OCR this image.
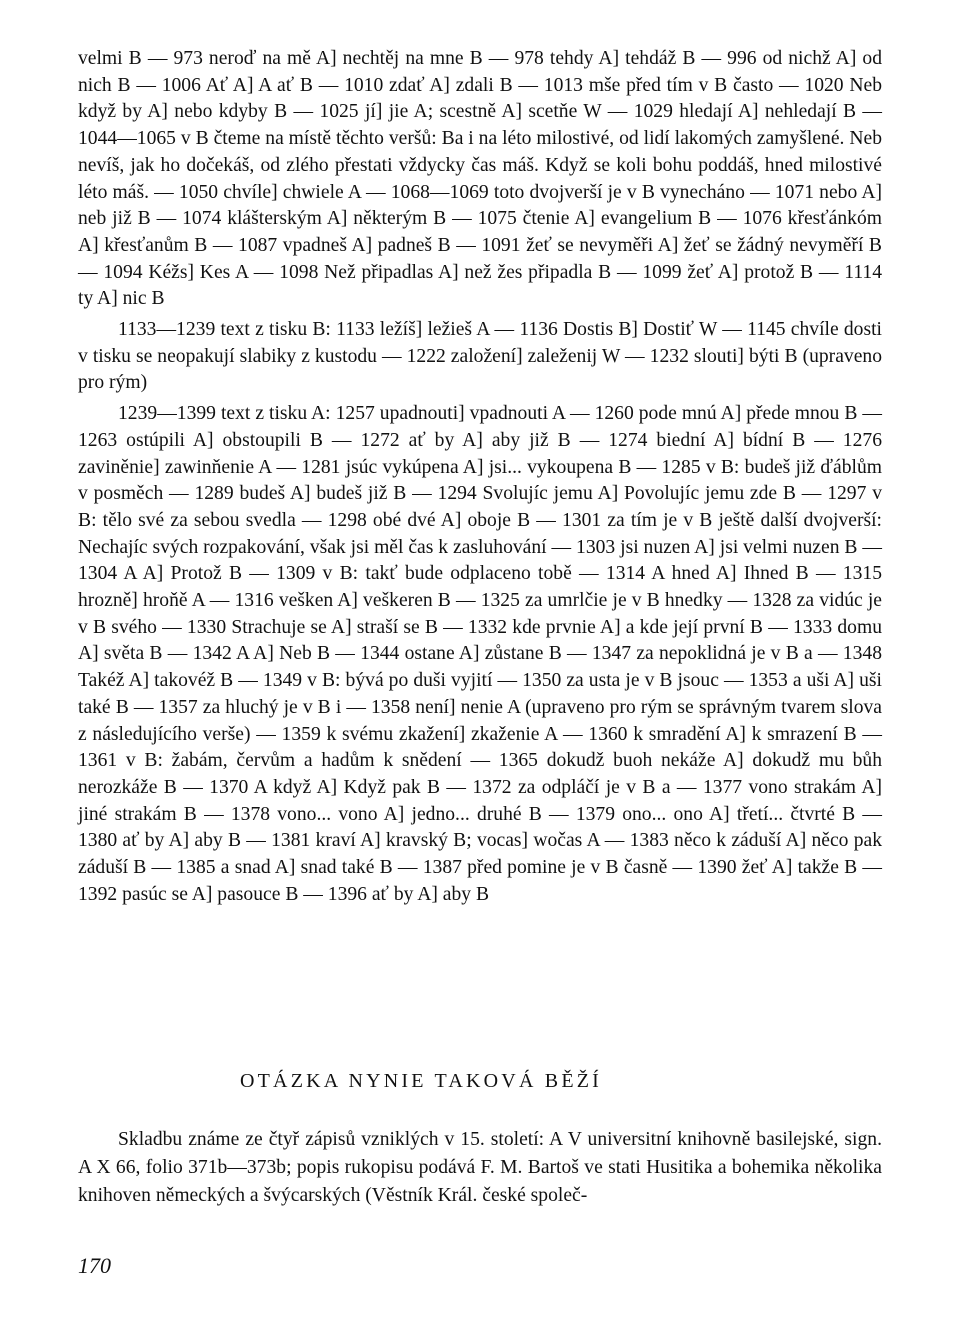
velmi B — 973 neroď na mě A] nechtěj na mne B — 978 tehdy A] tehdáž B — 996 od nichž A] od nich B — 1006 Ať A] A ať B — 1010 zdať A] zdali B — 1013 mše před tím v B často — 1020 Neb když by A] nebo kdyby B — 1025 jí] jie A; scestně A] scetňe W — 1029 hledají A] nehledají B — 1044—1065 v B čteme na místě těchto veršů: Ba i na léto milostivé, od lidí lakomých zamyšlené. Neb nevíš, jak ho dočekáš, od zlého přestati vždycky čas máš. Když se koli bohu poddáš, hned milostivé léto máš. — 1050 chvíle] chwiele A — 1068—1069 toto dvojverší je v B vynecháno — 1071 nebo A] neb již B — 1074 klášterským A] některým B — 1075 čtenie A] evangelium B — 1076 křesťánkóm A] křesťanům B — 1087 vpadneš A] padneš B — 1091 žeť se nevyměři A] žeť se žádný nevyměří B — 1094 Kéžs] Kes A — 1098 Než připadlas A] než žes připadla B — 1099 žeť A] protož B — 1114 ty A] nic B

1133—1239 text z tisku B: 1133 ležíš] ležieš A — 1136 Dostis B] Dostiť W — 1145 chvíle dosti v tisku se neopakují slabiky z kustodu — 1222 založení] zaleženij W — 1232 slouti] býti B (upraveno pro rým)

1239—1399 text z tisku A: 1257 upadnouti] vpadnouti A — 1260 pode mnú A] přede mnou B — 1263 ostúpili A] obstoupili B — 1272 ať by A] aby již B — 1274 biední A] bídní B — 1276 zaviněnie] zawinňenie A — 1281 jsúc vykúpena A] jsi... vykoupena B — 1285 v B: budeš již ďáblům v posměch — 1289 budeš A] budeš již B — 1294 Svolujíc jemu A] Povolujíc jemu zde B — 1297 v B: tělo své za sebou svedla — 1298 obé dvé A] oboje B — 1301 za tím je v B ještě další dvojverší: Nechajíc svých rozpakování, však jsi měl čas k zasluhování — 1303 jsi nuzen A] jsi velmi nuzen B — 1304 A A] Protož B — 1309 v B: takť bude odplaceno tobě — 1314 A hned A] Ihned B — 1315 hrozně] hroňě A — 1316 vešken A] veškeren B — 1325 za umrlčie je v B hnedky — 1328 za vidúc je v B svého — 1330 Strachuje se A] straší se B — 1332 kde prvnie A] a kde její první B — 1333 domu A] světa B — 1342 A A] Neb B — 1344 ostane A] zůstane B — 1347 za nepoklidná je v B a — 1348 Takéž A] takovéž B — 1349 v B: bývá po duši vyjití — 1350 za usta je v B jsouc — 1353 a uši A] uši také B — 1357 za hluchý je v B i — 1358 není] nenie A (upraveno pro rým se správným tvarem slova z následujícího verše) — 1359 k svému zkažení] zkaženie A — 1360 k smradění A] k smrazení B — 1361 v B: žabám, červům a hadům k snědení — 1365 dokudž buoh nekáže A] dokudž mu bůh nerozkáže B — 1370 A když A] Když pak B — 1372 za odpláčí je v B a — 1377 vono strakám A] jiné strakám B — 1378 vono... vono A] jedno... druhé B — 1379 ono... ono A] třetí... čtvrté B — 1380 ať by A] aby B — 1381 kraví A] kravský B; vocas] wočas A — 1383 něco k záduší A] něco pak záduší B — 1385 a snad A] snad také B — 1387 před pomine je v B časně — 1390 žeť A] takže B — 1392 pasúc se A] pasouce B — 1396 ať by A] aby B

OTÁZKA NYNIE TAKOVÁ BĚŽÍ

Skladbu známe ze čtyř zápisů vzniklých v 15. století: A V universitní knihovně basilejské, sign. A X 66, folio 371b—373b; popis rukopisu podává F. M. Bartoš ve stati Husitika a bohemika několika knihoven německých a švýcarských (Věstník Král. české společ-

170
